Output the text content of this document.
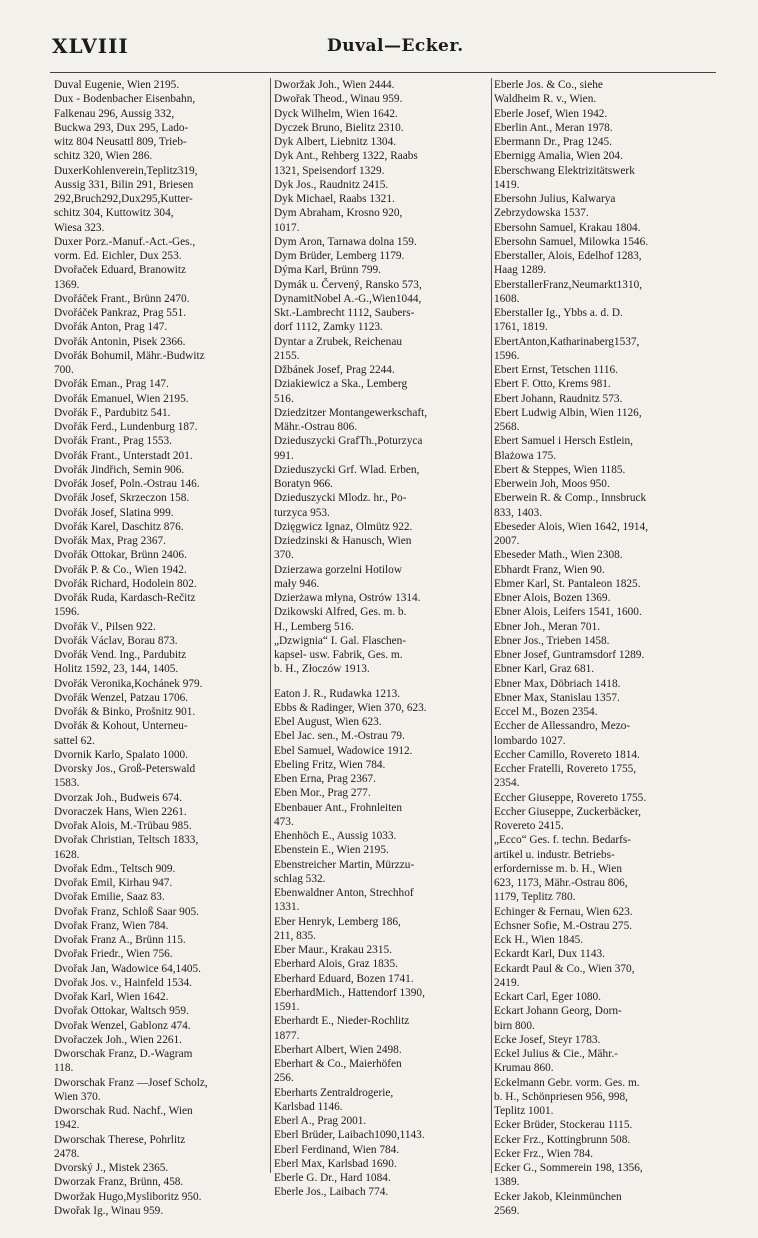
XLVIII	Duval—Ecker.
Duval Eugenie, Wien 2195.
Dux - Bodenbacher Eisenbahn,
Falkenau 296, Aussig 332,
Buckwa 293, Dux 295, Lado-
witz 804 Neusattl 809, Trieb-
schitz 320, Wien 286.
DuxerKohlenverein,Teplitz319,
Aussig 331, Bilin 291, Briesen
292,Bruch292,Dux295,Kutter-
schitz 304, Kuttowitz 304,
Wiesa 323.
Duxer Porz.-Manuf.-Act.-Ges.,
vorm. Ed. Eichler, Dux 253.
Dvořaček Eduard, Branowitz
1369.
Dvořáček Frant., Brünn 2470.
Dvořáček Pankraz, Prag 551.
Dvořák Anton, Prag 147.
Dvořák Antonin, Pisek 2366.
Dvořák Bohumil, Mähr.-Budwitz
700.
Dvořák Eman., Prag 147.
Dvořák Emanuel, Wien 2195.
Dvořák F., Pardubitz 541.
Dvořák Ferd., Lundenburg 187.
Dvořák Frant., Prag 1553.
Dvořák Frant., Unterstadt 201.
Dvořák Jindřich, Semin 906.
Dvořák Josef, Poln.-Ostrau 146.
Dvořák Josef, Skrzeczon 158.
Dvořák Josef, Slatina 999.
Dvořák Karel, Daschitz 876.
Dvořák Max, Prag 2367.
Dvořák Ottokar, Brünn 2406.
Dvořák P. & Co., Wien 1942.
Dvořák Richard, Hodolein 802.
Dvořák Ruda, Kardasch-Rečitz
1596.
Dvořák V., Pilsen 922.
Dvořák Václav, Borau 873.
Dvořák Vend. Ing., Pardubitz
Holitz 1592, 23, 144, 1405.
Dvořák Veronika,Kochánek 979.
Dvořák Wenzel, Patzau 1706.
Dvořák & Binko, Prošnitz 901.
Dvořák & Kohout, Unterneu-
sattel 62.
Dvornik Karlo, Spalato 1000.
Dvorsky Jos., Groß-Peterswald
1583.
Dvorzak Joh., Budweis 674.
Dvoraczek Hans, Wien 2261.
Dvořak Alois, M.-Trübau 985.
Dvořak Christian, Teltsch 1833,
1628.
Dvořak Edm., Teltsch 909.
Dvořak Emil, Kirhau 947.
Dvořak Emilie, Saaz 83.
Dvořak Franz, Schloß Saar 905.
Dvořak Franz, Wien 784.
Dvořak Franz A., Brünn 115.
Dvořak Friedr., Wien 756.
Dvořak Jan, Wadowice 64,1405.
Dvořak Jos. v., Hainfeld 1534.
Dvořak Karl, Wien 1642.
Dvořak Ottokar, Waltsch 959.
Dvořak Wenzel, Gablonz 474.
Dvořaczek Joh., Wien 2261.
Dworschak Franz, D.-Wagram
118.
Dworschak Franz —Josef Scholz,
Wien 370.
Dworschak Rud. Nachf., Wien
1942.
Dworschak Therese, Pohrlitz
2478.
Dvorský J., Mistek 2365.
Dworzak Franz, Brünn, 458.
Dworžak Hugo,Mysliboritz 950.
Dwořak Ig., Winau 959.
Dworžak Joh., Wien 2444.
Dwořak Theod., Winau 959.
Dyck Wilhelm, Wien 1642.
Dyczek Bruno, Bielitz 2310.
Dyk Albert, Liebnitz 1304.
Dyk Ant., Rehberg 1322, Raabs
1321, Speisendorf 1329.
Dyk Jos., Raudnitz 2415.
Dyk Michael, Raabs 1321.
Dym Abraham, Krosno 920,
1017.
Dym Aron, Tarnawa dolna 159.
Dym Brüder, Lemberg 1179.
Dýma Karl, Brünn 799.
Dymák u. Červený, Ransko 573,
DynamitNobel A.-G.,Wien1044,
Skt.-Lambrecht 1112, Saubers-
dorf 1112, Zamky 1123.
Dyntar a Zrubek, Reichenau
2155.
Džbánek Josef, Prag 2244.
Dziakiewicz a Ska., Lemberg
516.
Dziedzitzer Montangewerkschaft,
Mähr.-Ostrau 806.
Dzieduszycki GrafTh.,Poturzyca
991.
Dzieduszycki Grf. Wlad. Erben,
Boratyn 966.
Dzieduszycki Mlodz. hr., Po-
turzyca 953.
Dzięgwicz Ignaz, Olmütz 922.
Dziedzinski & Hanusch, Wien
370.
Dzierzawa gorzelni Hotilow
mały 946.
Dzierżawa młyna, Ostrów 1314.
Dzikowski Alfred, Ges. m. b.
H., Lemberg 516.
„Dzwignia“ I. Gal. Flaschen-
kapsel- usw. Fabrik, Ges. m.
b. H., Złoczów 1913.
Eaton J. R., Rudawka 1213.
Ebbs & Radinger, Wien 370, 623.
Ebel August, Wien 623.
Ebel Jac. sen., M.-Ostrau 79.
Ebel Samuel, Wadowice 1912.
Ebeling Fritz, Wien 784.
Eben Erna, Prag 2367.
Eben Mor., Prag 277.
Ebenbauer Ant., Frohnleiten
473.
Ehenhöch E., Aussig 1033.
Ebenstein E., Wien 2195.
Ebenstreicher Martin, Mürzzu-
schlag 532.
Ebenwaldner Anton, Strechhof
1331.
Eber Henryk, Lemberg 186,
211, 835.
Eber Maur., Krakau 2315.
Eberhard Alois, Graz 1835.
Eberhard Eduard, Bozen 1741.
EberhardMich., Hattendorf 1390,
1591.
Eberhardt E., Nieder-Rochlitz
1877.
Eberhart Albert, Wien 2498.
Eberhart & Co., Maierhöfen
256.
Eberharts Zentraldrogerie,
Karlsbad 1146.
Eberl A., Prag 2001.
Eberl Brüder, Laibach1090,1143.
Eberl Ferdinand, Wien 784.
Eberl Max, Karlsbad 1690.
Eberle G. Dr., Hard 1084.
Eberle Jos., Laibach 774.
Eberle Jos. & Co., siehe
Waldheim R. v., Wien.
Eberle Josef, Wien 1942.
Eberlin Ant., Meran 1978.
Ebermann Dr., Prag 1245.
Ebernigg Amalia, Wien 204.
Eberschwang Elektrizitätswerk
1419.
Ebersohn Julius, Kalwarya
Zebrzydowska 1537.
Ebersohn Samuel, Krakau 1804.
Ebersohn Samuel, Milowka 1546.
Eberstaller, Alois, Edelhof 1283,
Haag 1289.
EberstallerFranz,Neumarkt1310,
1608.
Eberstaller Ig., Ybbs a. d. D.
1761, 1819.
EbertAnton,Katharinaberg1537,
1596.
Ebert Ernst, Tetschen 1116.
Ebert F. Otto, Krems 981.
Ebert Johann, Raudnitz 573.
Ebert Ludwig Albin, Wien 1126,
2568.
Ebert Samuel i Hersch Estlein,
Blażowa 175.
Ebert & Steppes, Wien 1185.
Eberwein Joh, Moos 950.
Eberwein R. & Comp., Innsbruck
833, 1403.
Ebeseder Alois, Wien 1642, 1914,
2007.
Ebeseder Math., Wien 2308.
Ebhardt Franz, Wien 90.
Ebmer Karl, St. Pantaleon 1825.
Ebner Alois, Bozen 1369.
Ebner Alois, Leifers 1541, 1600.
Ebner Joh., Meran 701.
Ebner Jos., Trieben 1458.
Ebner Josef, Guntramsdorf 1289.
Ebner Karl, Graz 681.
Ebner Max, Döbriach 1418.
Ebner Max, Stanislau 1357.
Eccel M., Bozen 2354.
Eccher de Allessandro, Mezo-
lombardo 1027.
Eccher Camillo, Rovereto 1814.
Eccher Fratelli, Rovereto 1755,
2354.
Eccher Giuseppe, Rovereto 1755.
Eccher Giuseppe, Zuckerbäcker,
Rovereto 2415.
„Ecco“ Ges. f. techn. Bedarfs-
artikel u. industr. Betriebs-
erfordernisse m. b. H., Wien
623, 1173, Mähr.-Ostrau 806,
1179, Teplitz 780.
Echinger & Fernau, Wien 623.
Echsner Sofie, M.-Ostrau 275.
Eck H., Wien 1845.
Eckardt Karl, Dux 1143.
Eckardt Paul & Co., Wien 370,
2419.
Eckart Carl, Eger 1080.
Eckart Johann Georg, Dorn-
birn 800.
Ecke Josef, Steyr 1783.
Eckel Julius & Cie., Mähr.-
Krumau 860.
Eckelmann Gebr. vorm. Ges. m.
b. H., Schönpriesen 956, 998,
Teplitz 1001.
Ecker Brüder, Stockerau 1115.
Ecker Frz., Kottingbrunn 508.
Ecker Frz., Wien 784.
Ecker G., Sommerein 198, 1356,
1389.
Ecker Jakob, Kleinmünchen
2569.
